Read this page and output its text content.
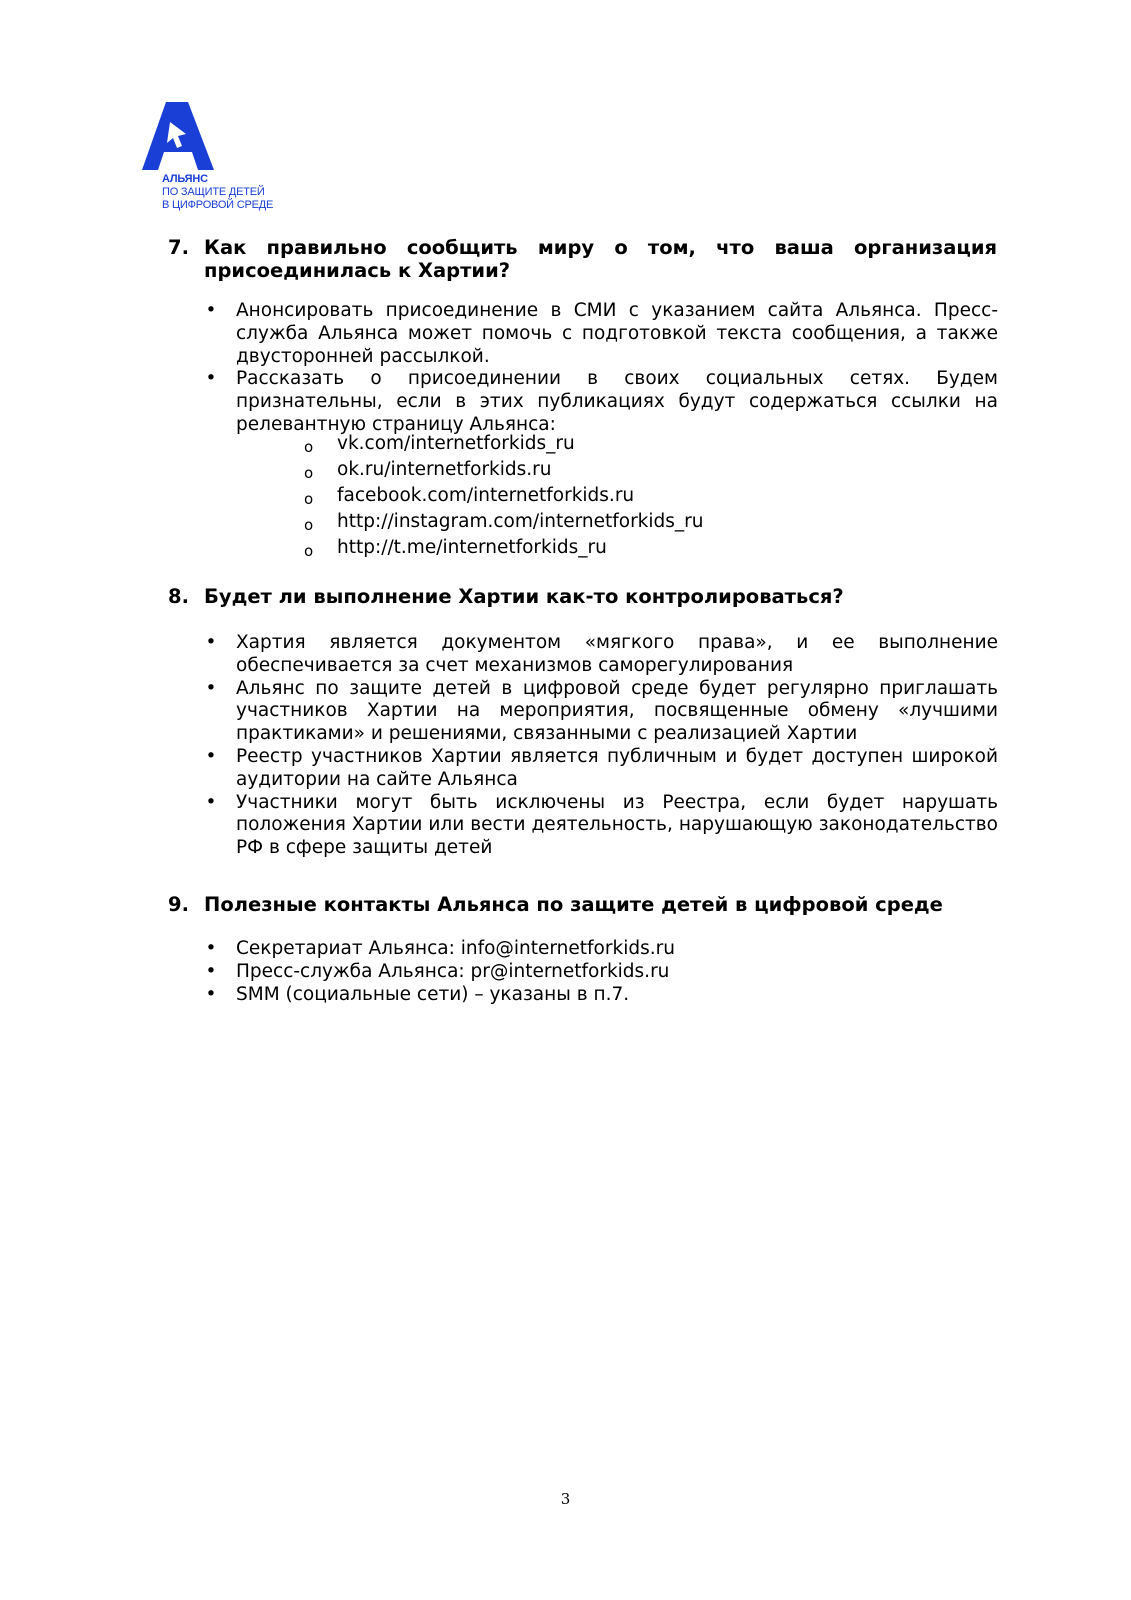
АЛЬЯНС
ПО ЗАЩИТЕ ДЕТЕЙ
В ЦИФРОВОЙ СРЕДЕ
7. Как правильно сообщить миру о том, что ваша организация присоединилась к Хартии?
• Анонсировать присоединение в СМИ с указанием сайта Альянса. Пресс-служба Альянса может помочь с подготовкой текста сообщения, а также двусторонней рассылкой.
• Рассказать о присоединении в своих социальных сетях. Будем признательны, если в этих публикациях будут содержаться ссылки на релевантную страницу Альянса:
o vk.com/internetforkids_ru
o ok.ru/internetforkids.ru
o facebook.com/internetforkids.ru
o http://instagram.com/internetforkids_ru
o http://t.me/internetforkids_ru
8. Будет ли выполнение Хартии как-то контролироваться?
• Хартия является документом «мягкого права», и ее выполнение обеспечивается за счет механизмов саморегулирования
• Альянс по защите детей в цифровой среде будет регулярно приглашать участников Хартии на мероприятия, посвященные обмену «лучшими практиками» и решениями, связанными с реализацией Хартии
• Реестр участников Хартии является публичным и будет доступен широкой аудитории на сайте Альянса
• Участники могут быть исключены из Реестра, если будет нарушать положения Хартии или вести деятельность, нарушающую законодательство РФ в сфере защиты детей
9. Полезные контакты Альянса по защите детей в цифровой среде
• Секретариат Альянса: info@internetforkids.ru
• Пресс-служба Альянса: pr@internetforkids.ru
• SMM (социальные сети) – указаны в п.7.
3
